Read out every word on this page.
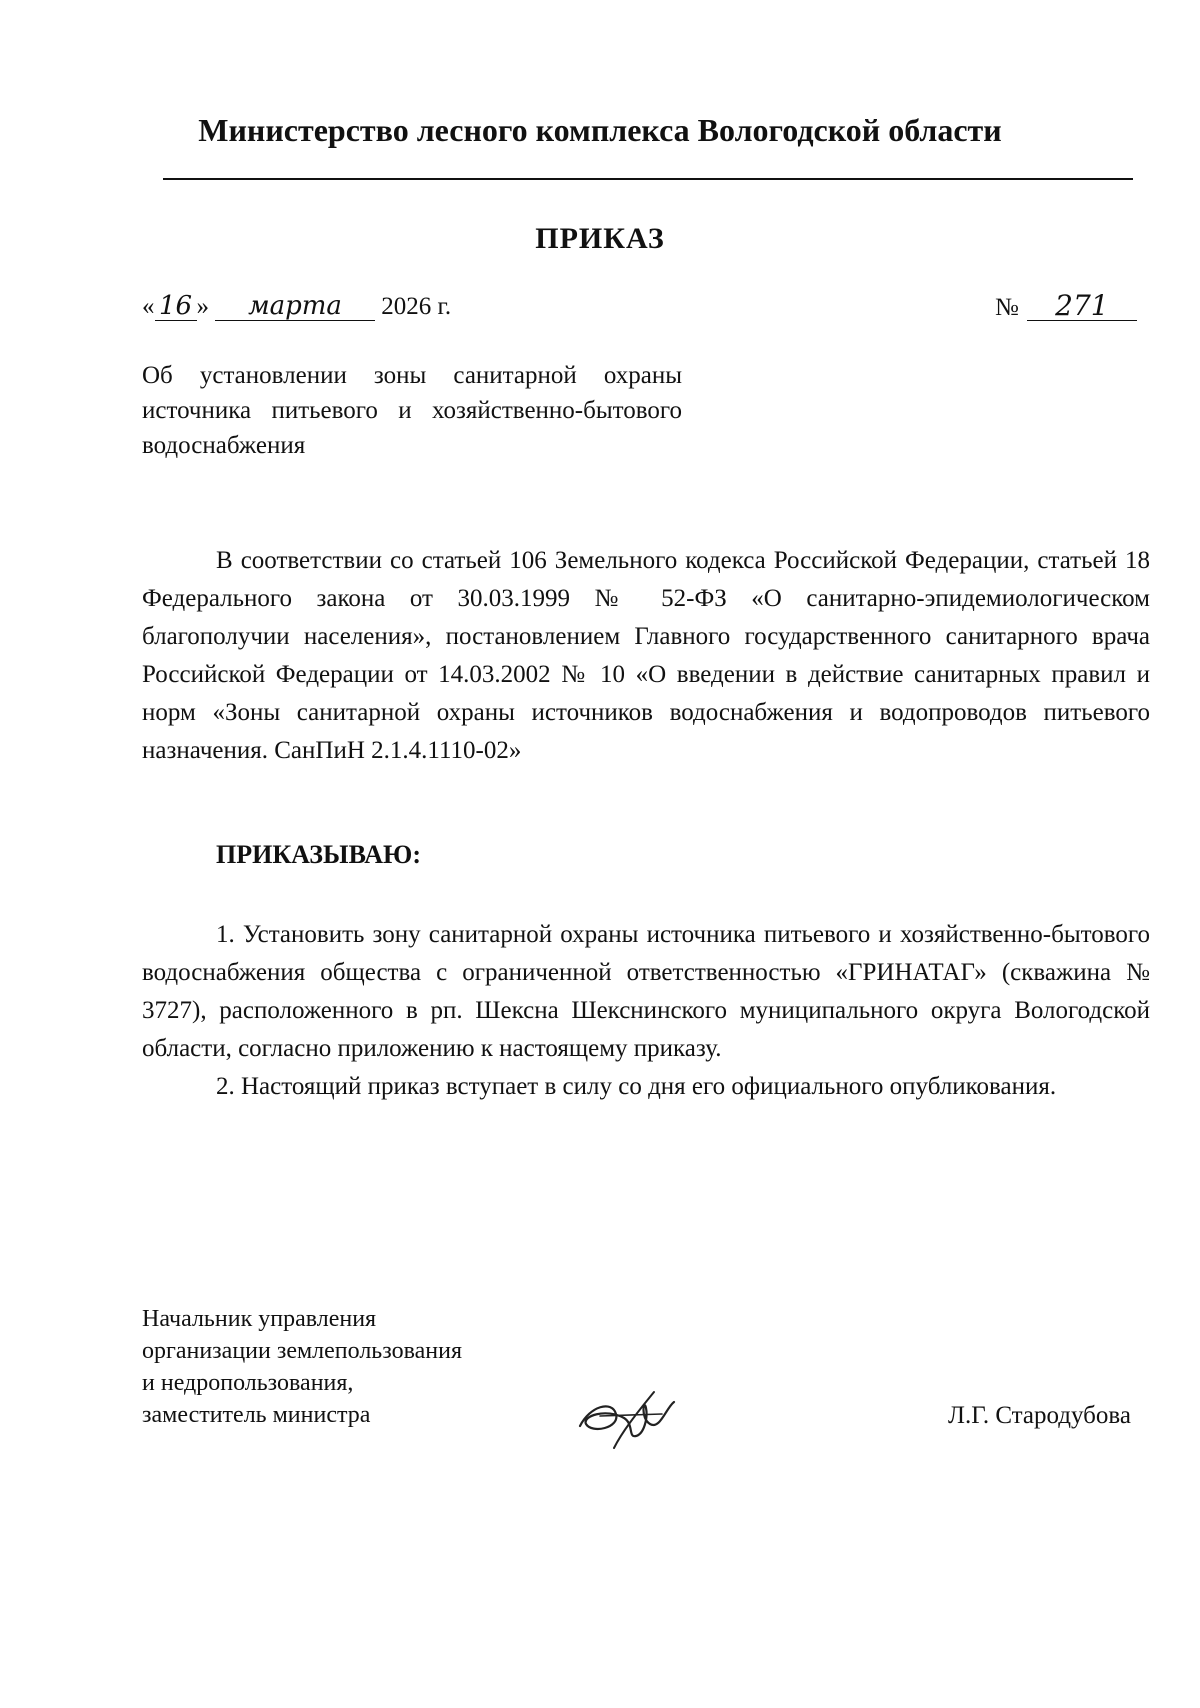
Министерство лесного комплекса Вологодской области
ПРИКАЗ
« 16 » марта 2026 г.	№ 271
Об установлении зоны санитарной охраны источника питьевого и хозяйственно-бытового водоснабжения

В соответствии со статьей 106 Земельного кодекса Российской Федерации, статьей 18 Федерального закона от 30.03.1999 № 52-ФЗ «О санитарно-эпидемиологическом благополучии населения», постановлением Главного государственного санитарного врача Российской Федерации от 14.03.2002 № 10 «О введении в действие санитарных правил и норм «Зоны санитарной охраны источников водоснабжения и водопроводов питьевого назначения. СанПиН 2.1.4.1110-02»

ПРИКАЗЫВАЮ:

1. Установить зону санитарной охраны источника питьевого и хозяйственно-бытового водоснабжения общества с ограниченной ответственностью «ГРИНАТАГ» (скважина № 3727), расположенного в рп. Шексна Шекснинского муниципального округа Вологодской области, согласно приложению к настоящему приказу.

2. Настоящий приказ вступает в силу со дня его официального опубликования.

Начальник управления
организации землепользования
и недропользования,
заместитель министра	Л.Г. Стародубова
